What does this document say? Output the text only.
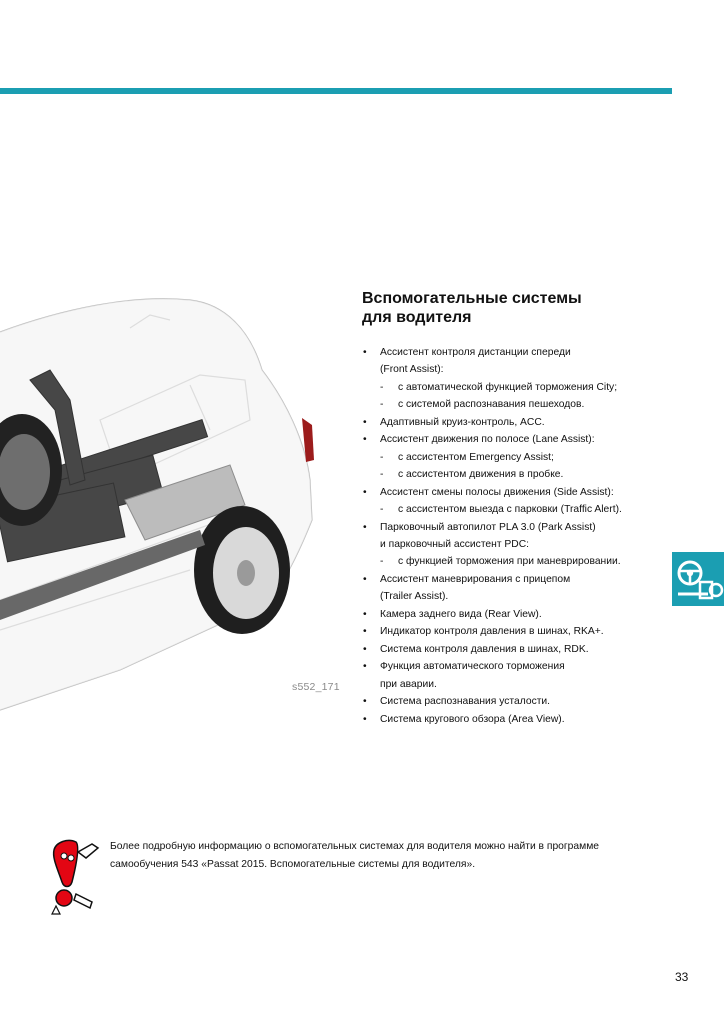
s552_171
Вспомогательные системы
для водителя
• Ассистент контроля дистанции спереди
(Front Assist):
- с автоматической функцией торможения City;
- с системой распознавания пешеходов.
• Адаптивный круиз-контроль, ACC.
• Ассистент движения по полосе (Lane Assist):
- с ассистентом Emergency Assist;
- с ассистентом движения в пробке.
• Ассистент смены полосы движения (Side Assist):
- с ассистентом выезда с парковки (Traffic Alert).
• Парковочный автопилот PLA 3.0 (Park Assist)
и парковочный ассистент PDC:
- с функцией торможения при маневрировании.
• Ассистент маневрирования с прицепом
(Trailer Assist).
• Камера заднего вида (Rear View).
• Индикатор контроля давления в шинах, RKA+.
• Система контроля давления в шинах, RDK.
• Функция автоматического торможения
при аварии.
• Система распознавания усталости.
• Система кругового обзора (Area View).
Более подробную информацию о вспомогательных системах для водителя можно найти в программе
самообучения 543 «Passat 2015. Вспомогательные системы для водителя».
33
